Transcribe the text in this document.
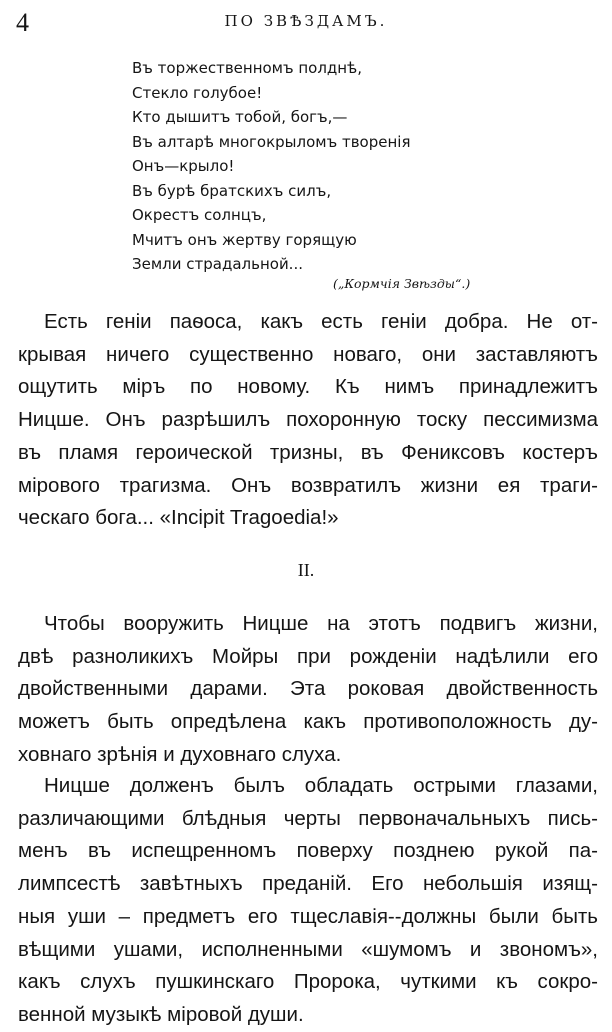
4	ПО ЗВѢЗДАМЪ.
Въ торжественномъ полднѣ,
Стекло голубое!
Кто дышитъ тобой, богъ,—
Въ алтарѣ многокрыломъ творенія
Онъ—крыло!
Въ бурѣ братскихъ силъ,
Окрестъ солнцъ,
Мчитъ онъ жертву горящую
Земли страдальной...
(„Кормчія Звѣзды“.)
Есть геніи паѳоса, какъ есть геніи добра. Не от-
крывая ничего существенно новаго, они заставляютъ
ощутить міръ по новому. Къ нимъ принадлежитъ
Ницше. Онъ разрѣшилъ похоронную тоску пессимизма
въ пламя героической тризны, въ Фениксовъ костеръ
мірового трагизма. Онъ возвратилъ жизни ея траги-
ческаго бога... «Incipit Tragoedia!»
II.
Чтобы вооружить Ницше на этотъ подвигъ жизни,
двѣ разноликихъ Мойры при рожденіи надѣлили его
двойственными дарами. Эта роковая двойственность
можетъ быть опредѣлена какъ противоположность ду-
ховнаго зрѣнія и духовнаго слуха.
Ницше долженъ былъ обладать острыми глазами,
различающими блѣдныя черты первоначальныхъ пись-
менъ въ испещренномъ поверху позднею рукой па-
лимпсестѣ завѣтныхъ преданій. Его небольшія изящ-
ныя уши – предметъ его тщеславія--должны были быть
вѣщими ушами, исполненными «шумомъ и звономъ»,
какъ слухъ пушкинскаго Пророка, чуткими къ сокро-
венной музыкѣ міровой души.
